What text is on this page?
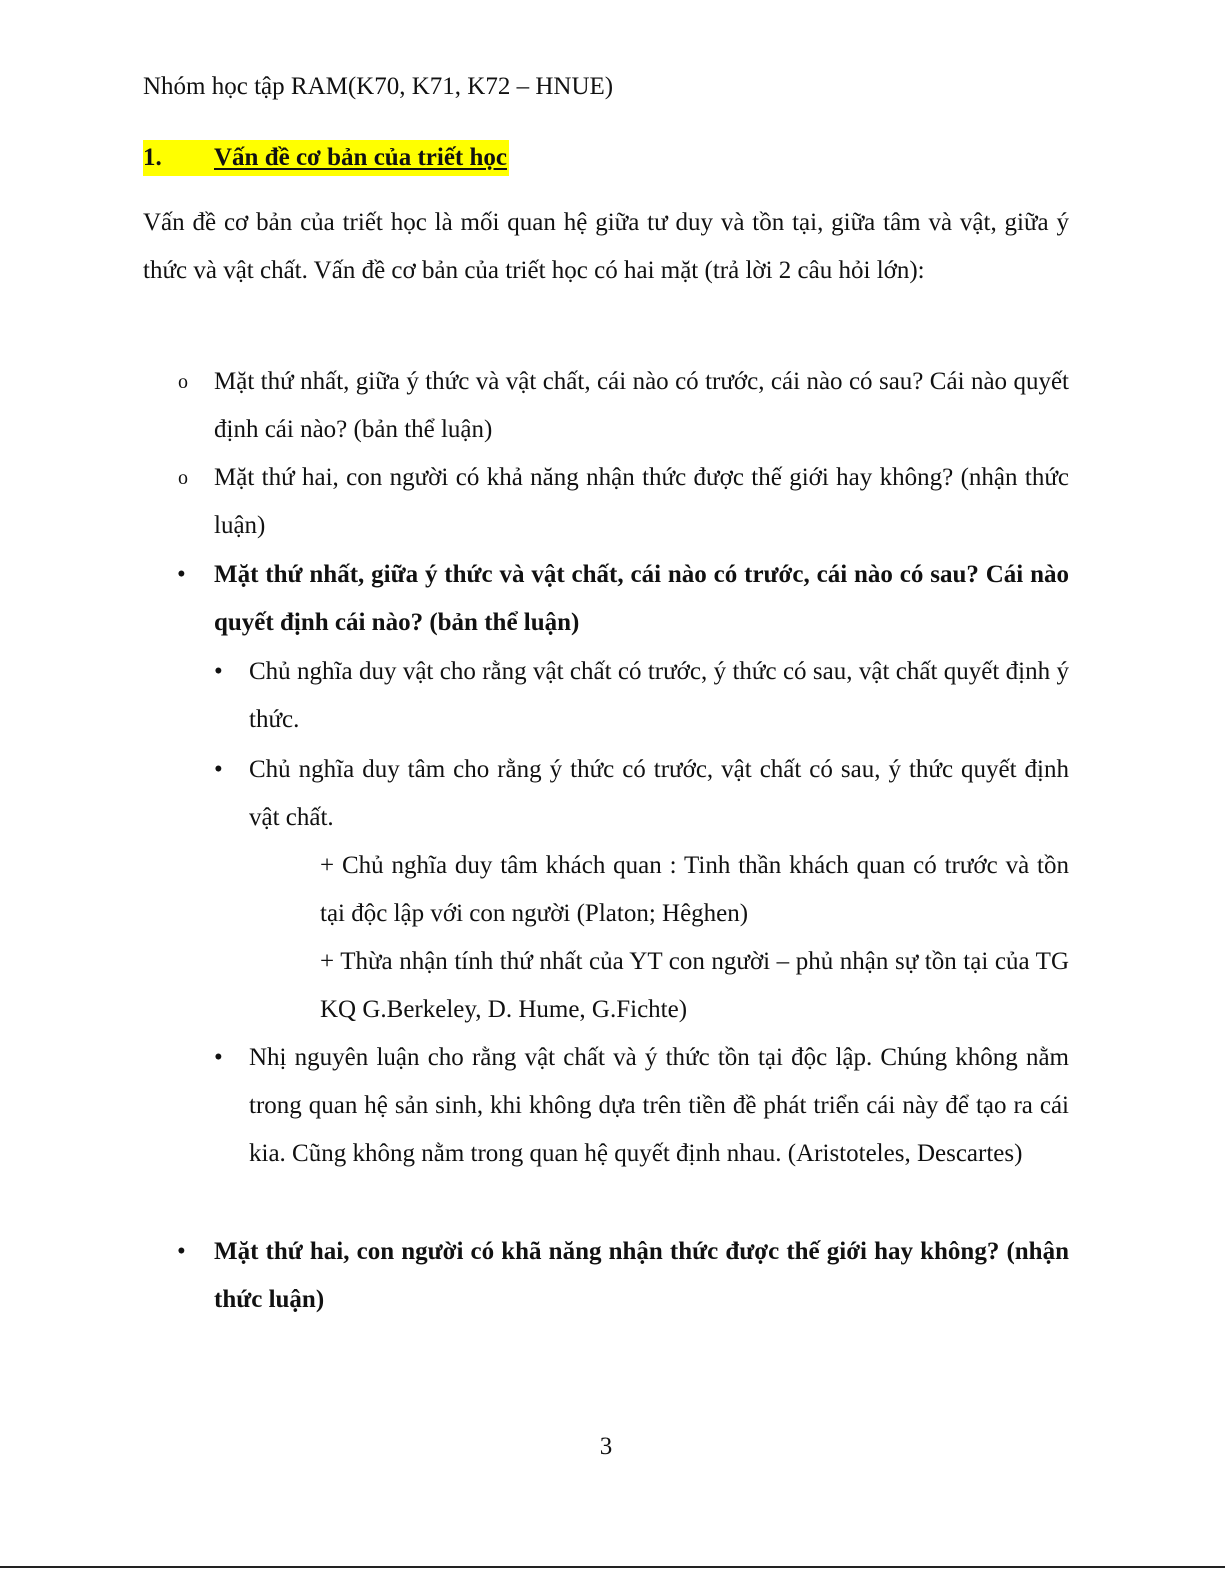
Nhóm học tập RAM(K70, K71, K72 – HNUE)
1. Vấn đề cơ bản của triết học

Vấn đề cơ bản của triết học là mối quan hệ giữa tư duy và tồn tại, giữa tâm và vật, giữa ý thức và vật chất. Vấn đề cơ bản của triết học có hai mặt (trả lời 2 câu hỏi lớn):

o Mặt thứ nhất, giữa ý thức và vật chất, cái nào có trước, cái nào có sau? Cái nào quyết định cái nào? (bản thể luận)

o Mặt thứ hai, con người có khả năng nhận thức được thế giới hay không? (nhận thức luận)

• Mặt thứ nhất, giữa ý thức và vật chất, cái nào có trước, cái nào có sau? Cái nào quyết định cái nào? (bản thể luận)

• Chủ nghĩa duy vật cho rằng vật chất có trước, ý thức có sau, vật chất quyết định ý thức.

• Chủ nghĩa duy tâm cho rằng ý thức có trước, vật chất có sau, ý thức quyết định vật chất.

+ Chủ nghĩa duy tâm khách quan : Tinh thần khách quan có trước và tồn tại độc lập với con người (Platon; Hêghen)

+ Thừa nhận tính thứ nhất của YT con người – phủ nhận sự tồn tại của TG KQ G.Berkeley, D. Hume, G.Fichte)

• Nhị nguyên luận cho rằng vật chất và ý thức tồn tại độc lập. Chúng không nằm trong quan hệ sản sinh, khi không dựa trên tiền đề phát triển cái này để tạo ra cái kia. Cũng không nằm trong quan hệ quyết định nhau. (Aristoteles, Descartes)

• Mặt thứ hai, con người có khã năng nhận thức được thế giới hay không? (nhận thức luận)

3
